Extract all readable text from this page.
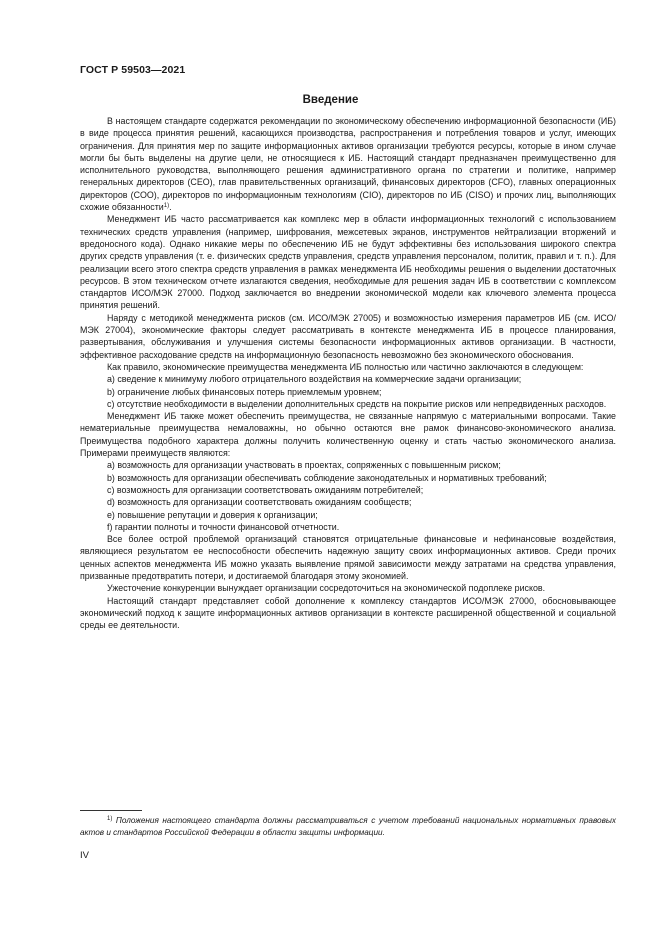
ГОСТ Р 59503—2021
Введение

В настоящем стандарте содержатся рекомендации по экономическому обеспечению информационной безопасности (ИБ) в виде процесса принятия решений, касающихся производства, распространения и потребления товаров и услуг, имеющих ограничения. Для принятия мер по защите информационных активов организации требуются ресурсы, которые в ином случае могли бы быть выделены на другие цели, не относящиеся к ИБ. Настоящий стандарт предназначен преимущественно для исполнительного руководства, выполняющего решения административного органа по стратегии и политике, например генеральных директоров (CEO), глав правительственных организаций, финансовых директоров (CFO), главных операционных директоров (COO), директоров по информационным технологиям (CIO), директоров по ИБ (CISO) и прочих лиц, выполняющих схожие обязанности$^{1)}$.

Менеджмент ИБ часто рассматривается как комплекс мер в области информационных технологий с использованием технических средств управления (например, шифрования, межсетевых экранов, инструментов нейтрализации вторжений и вредоносного кода). Однако никакие меры по обеспечению ИБ не будут эффективны без использования широкого спектра других средств управления (т. е. физических средств управления, средств управления персоналом, политик, правил и т. п.). Для реализации всего этого спектра средств управления в рамках менеджмента ИБ необходимы решения о выделении достаточных ресурсов. В этом техническом отчете излагаются сведения, необходимые для решения задач ИБ в соответствии с комплексом стандартов ИСО/МЭК 27000. Подход заключается во внедрении экономической модели как ключевого элемента процесса принятия решений.

Наряду с методикой менеджмента рисков (см. ИСО/МЭК 27005) и возможностью измерения параметров ИБ (см. ИСО/МЭК 27004), экономические факторы следует рассматривать в контексте менеджмента ИБ в процессе планирования, развертывания, обслуживания и улучшения системы безопасности информационных активов организации. В частности, эффективное расходование средств на информационную безопасность невозможно без экономического обоснования.

Как правило, экономические преимущества менеджмента ИБ полностью или частично заключаются в следующем:

a) сведение к минимуму любого отрицательного воздействия на коммерческие задачи организации;

b) ограничение любых финансовых потерь приемлемым уровнем;

c) отсутствие необходимости в выделении дополнительных средств на покрытие рисков или непредвиденных расходов.

Менеджмент ИБ также может обеспечить преимущества, не связанные напрямую с материальными вопросами. Такие нематериальные преимущества немаловажны, но обычно остаются вне рамок финансово-экономического анализа. Преимущества подобного характера должны получить количественную оценку и стать частью экономического анализа. Примерами преимуществ являются:

a) возможность для организации участвовать в проектах, сопряженных с повышенным риском;

b) возможность для организации обеспечивать соблюдение законодательных и нормативных требований;

c) возможность для организации соответствовать ожиданиям потребителей;

d) возможность для организации соответствовать ожиданиям сообществ;

e) повышение репутации и доверия к организации;

f) гарантии полноты и точности финансовой отчетности.

Все более острой проблемой организаций становятся отрицательные финансовые и нефинансовые воздействия, являющиеся результатом ее неспособности обеспечить надежную защиту своих информационных активов. Среди прочих ценных аспектов менеджмента ИБ можно указать выявление прямой зависимости между затратами на средства управления, призванные предотвратить потери, и достигаемой благодаря этому экономией.

Ужесточение конкуренции вынуждает организации сосредоточиться на экономической подоплеке рисков.

Настоящий стандарт представляет собой дополнение к комплексу стандартов ИСО/МЭК 27000, обосновывающее экономический подход к защите информационных активов организации в контексте расширенной общественной и социальной среды ее деятельности.

$^{1)}$ Положения настоящего стандарта должны рассматриваться с учетом требований национальных нормативных правовых актов и стандартов Российской Федерации в области защиты информации.
IV
